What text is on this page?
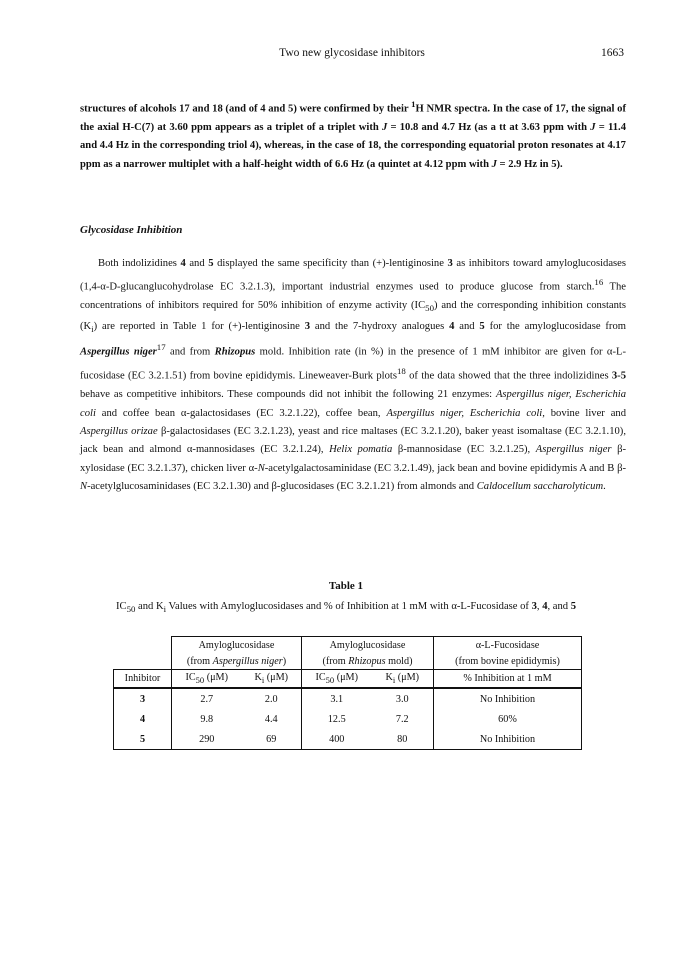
Two new glycosidase inhibitors	1663
structures of alcohols 17 and 18 (and of 4 and 5) were confirmed by their $^1$H NMR spectra. In the case of 17, the signal of the axial H-C(7) at 3.60 ppm appears as a triplet of a triplet with J = 10.8 and 4.7 Hz (as a tt at 3.63 ppm with J = 11.4 and 4.4 Hz in the corresponding triol 4), whereas, in the case of 18, the corresponding equatorial proton resonates at 4.17 ppm as a narrower multiplet with a half-height width of 6.6 Hz (a quintet at 4.12 ppm with J = 2.9 Hz in 5).
Glycosidase Inhibition
Both indolizidines 4 and 5 displayed the same specificity than (+)-lentiginosine 3 as inhibitors toward amyloglucosidases (1,4-α-D-glucanglucohydrolase EC 3.2.1.3), important industrial enzymes used to produce glucose from starch.$^{16}$ The concentrations of inhibitors required for 50% inhibition of enzyme activity $(IC_{50})$ and the corresponding inhibition constants $(K_i)$ are reported in Table 1 for (+)-lentiginosine 3 and the 7-hydroxy analogues 4 and 5 for the amyloglucosidase from Aspergillus niger$^{17}$ and from Rhizopus mold. Inhibition rate (in %) in the presence of 1 mM inhibitor are given for α-L-fucosidase (EC 3.2.1.51) from bovine epididymis. Lineweaver-Burk plots$^{18}$ of the data showed that the three indolizidines 3-5 behave as competitive inhibitors. These compounds did not inhibit the following 21 enzymes: Aspergillus niger, Escherichia coli and coffee bean α-galactosidases (EC 3.2.1.22), coffee bean, Aspergillus niger, Escherichia coli, bovine liver and Aspergillus orizae β-galactosidases (EC 3.2.1.23), yeast and rice maltases (EC 3.2.1.20), baker yeast isomaltase (EC 3.2.1.10), jack bean and almond α-mannosidases (EC 3.2.1.24), Helix pomatia β-mannosidase (EC 3.2.1.25), Aspergillus niger β-xylosidase (EC 3.2.1.37), chicken liver α-N-acetylgalactosaminidase (EC 3.2.1.49), jack bean and bovine epididymis A and B β-N-acetylglucosaminidases (EC 3.2.1.30) and β-glucosidases (EC 3.2.1.21) from almonds and Caldocellum saccharolyticum.
Table 1
$IC_{50}$ and $K_i$ Values with Amyloglucosidases and % of Inhibition at 1 mM with α-L-Fucosidase of 3, 4, and 5
	Amyloglucosidase		Amyloglucosidase		α-L-Fucosidase
	(from Aspergillus niger)		(from Rhizopus mold)		(from bovine epididymis)
Inhibitor	$IC_{50}$ (μM)	$K_i$ (μM)	$IC_{50}$ (μM)	$K_i$ (μM)	% Inhibition at 1 mM
3	2.7	2.0	3.1	3.0	No Inhibition
4	9.8	4.4	12.5	7.2	60%
5	290	69	400	80	No Inhibition
